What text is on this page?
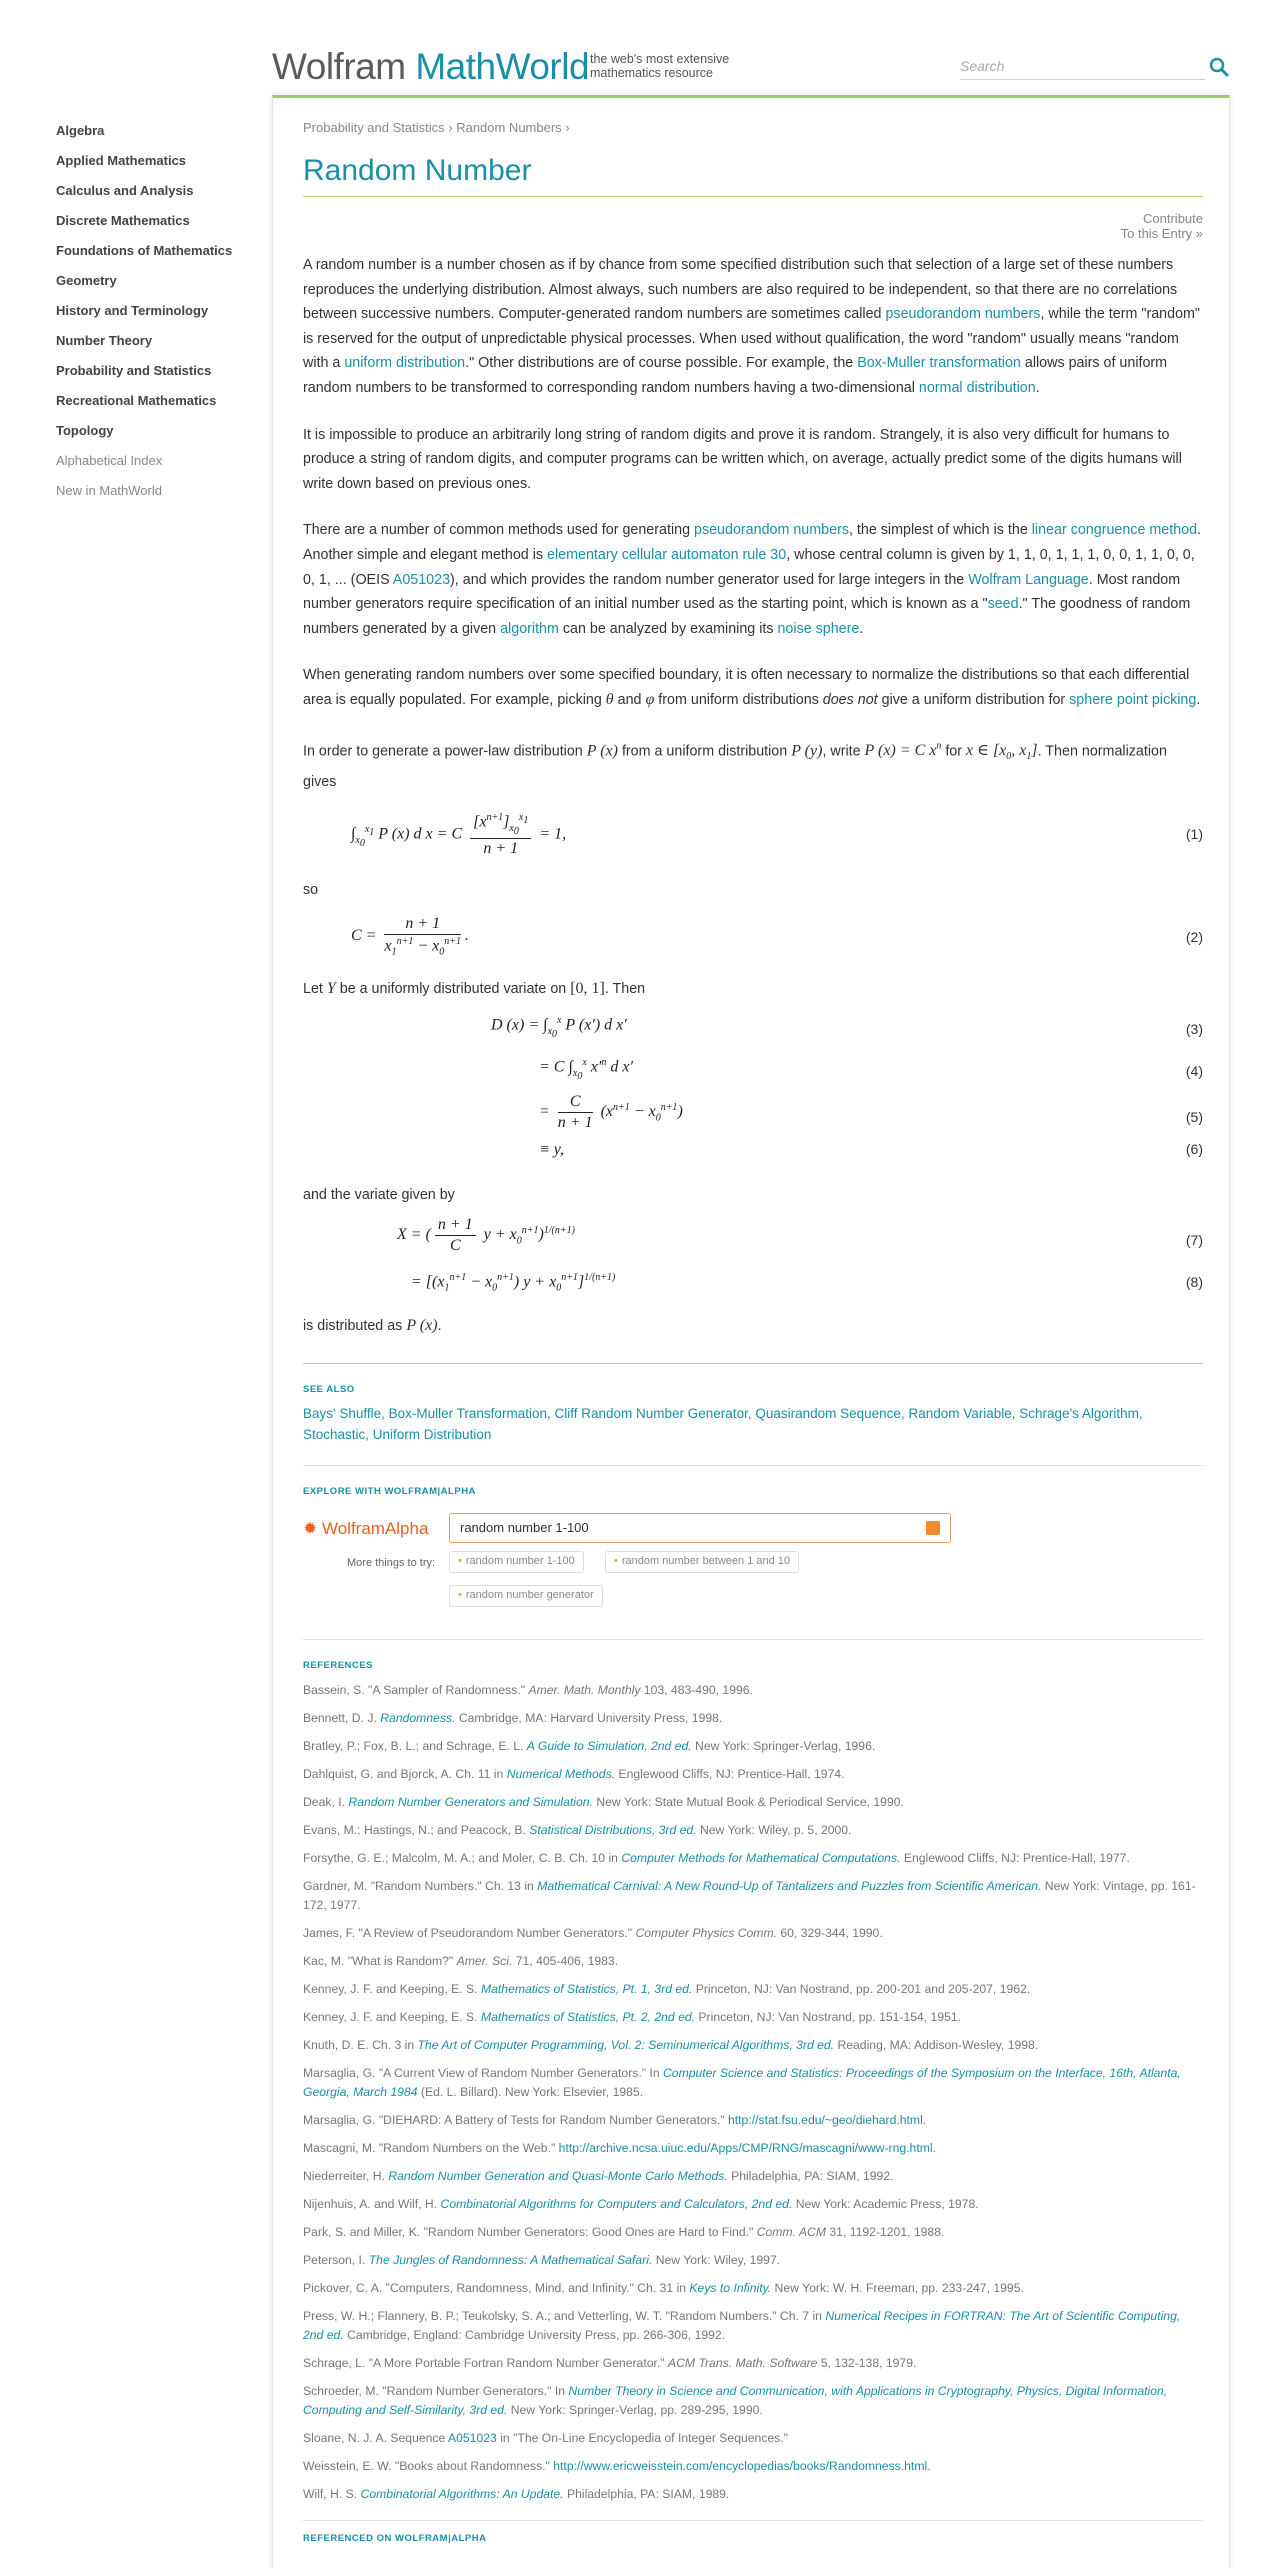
Wolfram MathWorld the web's most extensive mathematics resource	Search
Algebra
Applied Mathematics
Calculus and Analysis
Discrete Mathematics
Foundations of Mathematics
Geometry
History and Terminology
Number Theory
Probability and Statistics
Recreational Mathematics
Topology
Alphabetical Index
New in MathWorld
Probability and Statistics › Random Numbers ›
Random Number
Contribute
To this Entry »

A random number is a number chosen as if by chance from some specified distribution such that selection of a large set of these numbers reproduces the underlying distribution. Almost always, such numbers are also required to be independent, so that there are no correlations between successive numbers. Computer-generated random numbers are sometimes called pseudorandom numbers, while the term "random" is reserved for the output of unpredictable physical processes. When used without qualification, the word "random" usually means "random with a uniform distribution." Other distributions are of course possible. For example, the Box-Muller transformation allows pairs of uniform random numbers to be transformed to corresponding random numbers having a two-dimensional normal distribution.

It is impossible to produce an arbitrarily long string of random digits and prove it is random. Strangely, it is also very difficult for humans to produce a string of random digits, and computer programs can be written which, on average, actually predict some of the digits humans will write down based on previous ones.

There are a number of common methods used for generating pseudorandom numbers, the simplest of which is the linear congruence method. Another simple and elegant method is elementary cellular automaton rule 30, whose central column is given by 1, 1, 0, 1, 1, 1, 0, 0, 1, 1, 0, 0, 0, 1, ... (OEIS A051023), and which provides the random number generator used for large integers in the Wolfram Language. Most random number generators require specification of an initial number used as the starting point, which is known as a "seed." The goodness of random numbers generated by a given algorithm can be analyzed by examining its noise sphere.

When generating random numbers over some specified boundary, it is often necessary to normalize the distributions so that each differential area is equally populated. For example, picking θ and φ from uniform distributions does not give a uniform distribution for sphere point picking.

In order to generate a power-law distribution P (x) from a uniform distribution P (y), write P (x) = C $x^n$ for x ∈ [$x_0$, $x_1$]. Then normalization gives

$\int_{x_0}^{x_1}$ P (x) d x = C $\frac{[x^{n+1}]_{x_0}^{x_1}}{n + 1} = 1$,	(1)

so

$C = \frac{n + 1}{x_1^{n+1} - x_0^{n+1}}$ .	(2)

Let Y be a uniformly distributed variate on [0, 1]. Then

D $(x) = \int_{x_0}^x$ P (x′) d x′	(3)
= C $\int_{x_0}^x$ $x'^n$ d x′	(4)
= $\frac{C}{n + 1} (x^{n+1} - x_0^{n+1})$	(5)
≡ y,	(6)

and the variate given by

X = ( $\frac{n + 1}{C}$ $y + x_0^{n+1})^{1/(n+1)}$
(7)
= $[(x_1^{n+1} - x_0^{n+1}) y + x_0^{n+1}]^{1/(n+1)}$	(8)

is distributed as P (x).

SEE ALSO
Bays' Shuffle, Box-Muller Transformation, Cliff Random Number Generator, Quasirandom Sequence, Random Variable, Schrage's Algorithm,
Stochastic, Uniform Distribution
EXPLORE WITH WOLFRAM|ALPHA
✹ WolframAlpha	random number 1-100
More things to try:	• random number 1-100	• random number between 1 and 10
• random number generator
REFERENCES
Bassein, S. "A Sampler of Randomness." Amer. Math. Monthly 103, 483-490, 1996.
Bennett, D. J. Randomness. Cambridge, MA: Harvard University Press, 1998.
Bratley, P.; Fox, B. L.; and Schrage, E. L. A Guide to Simulation, 2nd ed. New York: Springer-Verlag, 1996.
Dahlquist, G. and Bjorck, A. Ch. 11 in Numerical Methods. Englewood Cliffs, NJ: Prentice-Hall, 1974.
Deak, I. Random Number Generators and Simulation. New York: State Mutual Book & Periodical Service, 1990.
Evans, M.; Hastings, N.; and Peacock, B. Statistical Distributions, 3rd ed. New York: Wiley, p. 5, 2000.
Forsythe, G. E.; Malcolm, M. A.; and Moler, C. B. Ch. 10 in Computer Methods for Mathematical Computations. Englewood Cliffs, NJ: Prentice-Hall, 1977.
Gardner, M. "Random Numbers." Ch. 13 in Mathematical Carnival: A New Round-Up of Tantalizers and Puzzles from Scientific American. New York: Vintage, pp. 161-172, 1977.
James, F. "A Review of Pseudorandom Number Generators." Computer Physics Comm. 60, 329-344, 1990.
Kac, M. "What is Random?" Amer. Sci. 71, 405-406, 1983.
Kenney, J. F. and Keeping, E. S. Mathematics of Statistics, Pt. 1, 3rd ed. Princeton, NJ: Van Nostrand, pp. 200-201 and 205-207, 1962.
Kenney, J. F. and Keeping, E. S. Mathematics of Statistics, Pt. 2, 2nd ed. Princeton, NJ: Van Nostrand, pp. 151-154, 1951.
Knuth, D. E. Ch. 3 in The Art of Computer Programming, Vol. 2: Seminumerical Algorithms, 3rd ed. Reading, MA: Addison-Wesley, 1998.
Marsaglia, G. "A Current View of Random Number Generators." In Computer Science and Statistics: Proceedings of the Symposium on the Interface, 16th, Atlanta, Georgia, March 1984 (Ed. L. Billard). New York: Elsevier, 1985.
Marsaglia, G. "DIEHARD: A Battery of Tests for Random Number Generators." http://stat.fsu.edu/~geo/diehard.html.
Mascagni, M. "Random Numbers on the Web." http://archive.ncsa.uiuc.edu/Apps/CMP/RNG/mascagni/www-rng.html.
Niederreiter, H. Random Number Generation and Quasi-Monte Carlo Methods. Philadelphia, PA: SIAM, 1992.
Nijenhuis, A. and Wilf, H. Combinatorial Algorithms for Computers and Calculators, 2nd ed. New York: Academic Press, 1978.
Park, S. and Miller, K. "Random Number Generators: Good Ones are Hard to Find." Comm. ACM 31, 1192-1201, 1988.
Peterson, I. The Jungles of Randomness: A Mathematical Safari. New York: Wiley, 1997.
Pickover, C. A. "Computers, Randomness, Mind, and Infinity." Ch. 31 in Keys to Infinity. New York: W. H. Freeman, pp. 233-247, 1995.
Press, W. H.; Flannery, B. P.; Teukolsky, S. A.; and Vetterling, W. T. "Random Numbers." Ch. 7 in Numerical Recipes in FORTRAN: The Art of Scientific Computing, 2nd ed. Cambridge, England: Cambridge University Press, pp. 266-306, 1992.
Schrage, L. "A More Portable Fortran Random Number Generator." ACM Trans. Math. Software 5, 132-138, 1979.
Schroeder, M. "Random Number Generators." In Number Theory in Science and Communication, with Applications in Cryptography, Physics, Digital Information, Computing and Self-Similarity, 3rd ed. New York: Springer-Verlag, pp. 289-295, 1990.
Sloane, N. J. A. Sequence A051023 in "The On-Line Encyclopedia of Integer Sequences."
Weisstein, E. W. "Books about Randomness." http://www.ericweisstein.com/encyclopedias/books/Randomness.html.
Wilf, H. S. Combinatorial Algorithms: An Update. Philadelphia, PA: SIAM, 1989.
REFERENCED ON WOLFRAM|ALPHA
